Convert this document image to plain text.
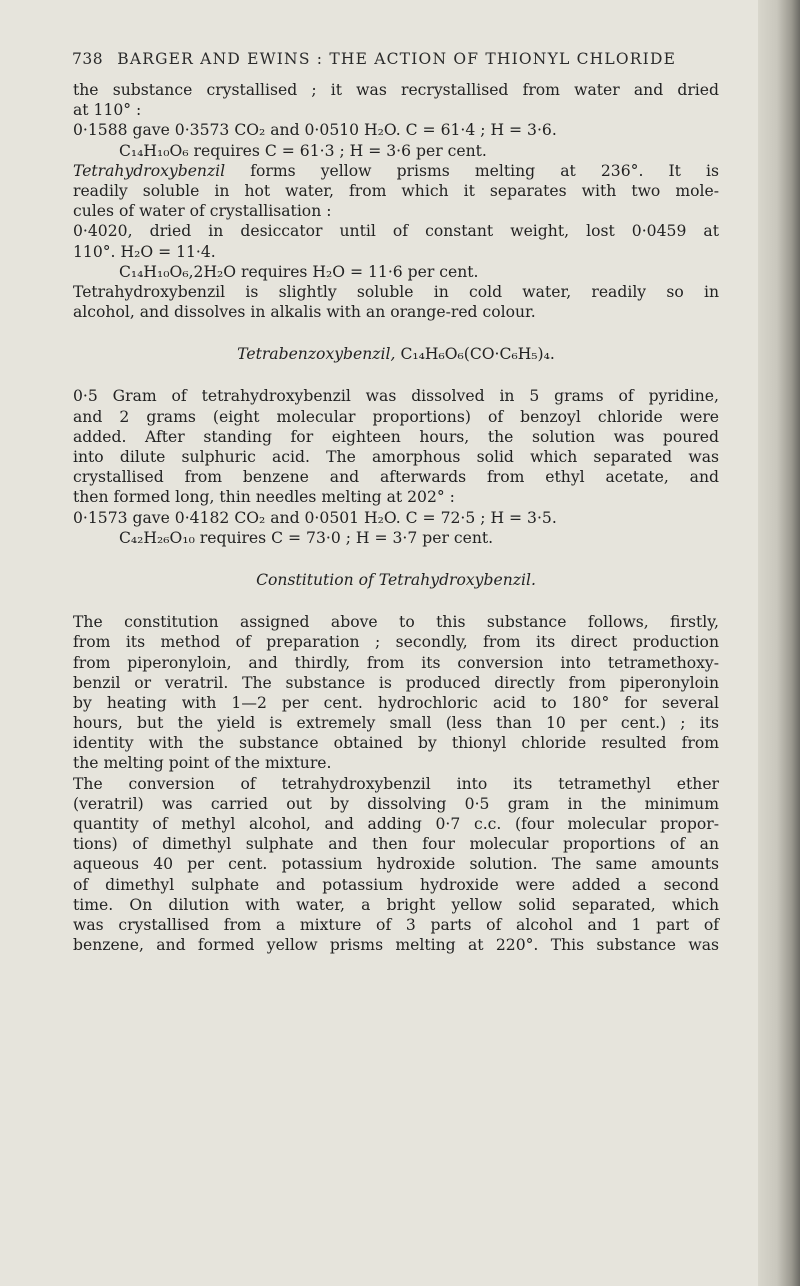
738 BARGER AND EWINS : THE ACTION OF THIONYL CHLORIDE
the substance crystallised ; it was recrystallised from water and dried
at 110° :
0·1588 gave 0·3573 CO₂ and 0·0510 H₂O. C = 61·4 ; H = 3·6.
C₁₄H₁₀O₆ requires C = 61·3 ; H = 3·6 per cent.
Tetrahydroxybenzil forms yellow prisms melting at 236°. It is
readily soluble in hot water, from which it separates with two mole-
cules of water of crystallisation :
0·4020, dried in desiccator until of constant weight, lost 0·0459 at
110°. H₂O = 11·4.
C₁₄H₁₀O₆,2H₂O requires H₂O = 11·6 per cent.
Tetrahydroxybenzil is slightly soluble in cold water, readily so in
alcohol, and dissolves in alkalis with an orange-red colour.
Tetrabenzoxybenzil, C₁₄H₆O₆(CO·C₆H₅)₄.
0·5 Gram of tetrahydroxybenzil was dissolved in 5 grams of pyridine,
and 2 grams (eight molecular proportions) of benzoyl chloride were
added. After standing for eighteen hours, the solution was poured
into dilute sulphuric acid. The amorphous solid which separated was
crystallised from benzene and afterwards from ethyl acetate, and
then formed long, thin needles melting at 202° :
0·1573 gave 0·4182 CO₂ and 0·0501 H₂O. C = 72·5 ; H = 3·5.
C₄₂H₂₆O₁₀ requires C = 73·0 ; H = 3·7 per cent.
Constitution of Tetrahydroxybenzil.
The constitution assigned above to this substance follows, firstly,
from its method of preparation ; secondly, from its direct production
from piperonyloin, and thirdly, from its conversion into tetramethoxy-
benzil or veratril. The substance is produced directly from piperonyloin
by heating with 1—2 per cent. hydrochloric acid to 180° for several
hours, but the yield is extremely small (less than 10 per cent.) ; its
identity with the substance obtained by thionyl chloride resulted from
the melting point of the mixture.
The conversion of tetrahydroxybenzil into its tetramethyl ether
(veratril) was carried out by dissolving 0·5 gram in the minimum
quantity of methyl alcohol, and adding 0·7 c.c. (four molecular propor-
tions) of dimethyl sulphate and then four molecular proportions of an
aqueous 40 per cent. potassium hydroxide solution. The same amounts
of dimethyl sulphate and potassium hydroxide were added a second
time. On dilution with water, a bright yellow solid separated, which
was crystallised from a mixture of 3 parts of alcohol and 1 part of
benzene, and formed yellow prisms melting at 220°. This substance was
